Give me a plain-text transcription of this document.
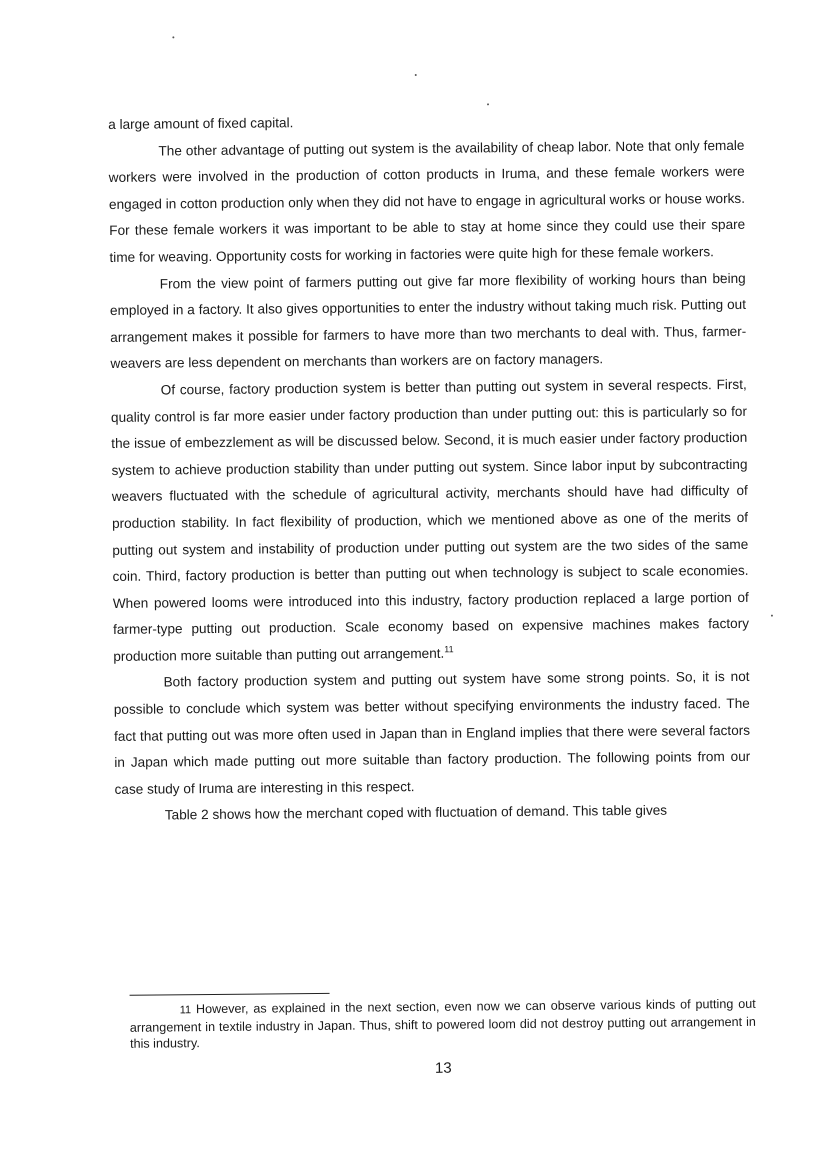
a large amount of fixed capital.

The other advantage of putting out system is the availability of cheap labor. Note that only female workers were involved in the production of cotton products in Iruma, and these female workers were engaged in cotton production only when they did not have to engage in agricultural works or house works. For these female workers it was important to be able to stay at home since they could use their spare time for weaving. Opportunity costs for working in factories were quite high for these female workers.

From the view point of farmers putting out give far more flexibility of working hours than being employed in a factory. It also gives opportunities to enter the industry without taking much risk. Putting out arrangement makes it possible for farmers to have more than two merchants to deal with. Thus, farmer-weavers are less dependent on merchants than workers are on factory managers.

Of course, factory production system is better than putting out system in several respects. First, quality control is far more easier under factory production than under putting out: this is particularly so for the issue of embezzlement as will be discussed below. Second, it is much easier under factory production system to achieve production stability than under putting out system. Since labor input by subcontracting weavers fluctuated with the schedule of agricultural activity, merchants should have had difficulty of production stability. In fact flexibility of production, which we mentioned above as one of the merits of putting out system and instability of production under putting out system are the two sides of the same coin. Third, factory production is better than putting out when technology is subject to scale economies. When powered looms were introduced into this industry, factory production replaced a large portion of farmer-type putting out production. Scale economy based on expensive machines makes factory production more suitable than putting out arrangement.$^{11}$

Both factory production system and putting out system have some strong points. So, it is not possible to conclude which system was better without specifying environments the industry faced. The fact that putting out was more often used in Japan than in England implies that there were several factors in Japan which made putting out more suitable than factory production. The following points from our case study of Iruma are interesting in this respect.

Table 2 shows how the merchant coped with fluctuation of demand. This table gives

11 However, as explained in the next section, even now we can observe various kinds of putting out arrangement in textile industry in Japan. Thus, shift to powered loom did not destroy putting out arrangement in this industry.
13
